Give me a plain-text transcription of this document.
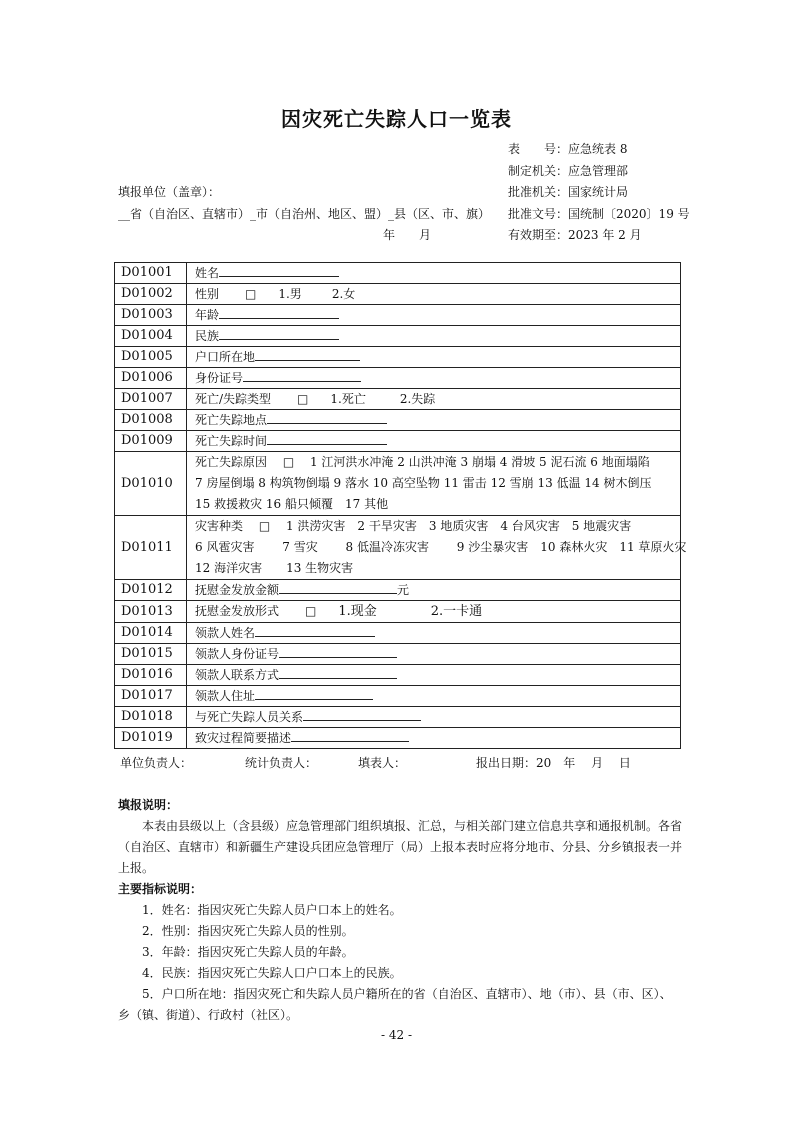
因灾死亡失踪人口一览表
表　　号：应急统表 8
制定机关：应急管理部
批准机关：国家统计局
批准文号：国统制〔2020〕19 号
有效期至：2023 年 2 月
填报单位（盖章）：
__省（自治区、直辖市）_市（自治州、地区、盟）_县（区、市、旗）
年　　月
D01001	姓名
D01002	性别 □ 1.男 2.女
D01003	年龄
D01004	民族
D01005	户口所在地
D01006	身份证号
D01007	死亡/失踪类型 □ 1.死亡 2.失踪
D01008	死亡失踪地点
D01009	死亡失踪时间
D01010	死亡失踪原因　 □　 1 江河洪水冲淹 2 山洪冲淹 3 崩塌 4 滑坡 5 泥石流 6 地面塌陷
7 房屋倒塌 8 构筑物倒塌 9 落水 10 高空坠物 11 雷击 12 雪崩 13 低温 14 树木倒压
15 救援救灾 16 船只倾覆　17 其他

D01011	灾害种类　 □　 1 洪涝灾害　2 干旱灾害　3 地质灾害　4 台风灾害　5 地震灾害
6 风雹灾害　　 7 雪灾　　 8 低温冷冻灾害　　 9 沙尘暴灾害　10 森林火灾　11 草原火灾
12 海洋灾害　　13 生物灾害

D01012	抚慰金发放金额 元
D01013	抚慰金发放形式 □ 1.现金 2.一卡通
D01014	领款人姓名
D01015	领款人身份证号
D01016	领款人联系方式
D01017	领款人住址
D01018	与死亡失踪人员关系
D01019	致灾过程简要描述
单位负责人：	统计负责人：	填表人：	报出日期：20　年　 月　 日

填报说明：

本表由县级以上（含县级）应急管理部门组织填报、汇总，与相关部门建立信息共享和通报机制。各省（自治区、直辖市）和新疆生产建设兵团应急管理厅（局）上报本表时应将分地市、分县、分乡镇报表一并上报。

主要指标说明：

1．姓名：指因灾死亡失踪人员户口本上的姓名。

2．性别：指因灾死亡失踪人员的性别。

3．年龄：指因灾死亡失踪人员的年龄。

4．民族：指因灾死亡失踪人口户口本上的民族。

5．户口所在地：指因灾死亡和失踪人员户籍所在的省（自治区、直辖市）、地（市）、县（市、区）、

乡（镇、街道）、行政村（社区）。

- 42 -
